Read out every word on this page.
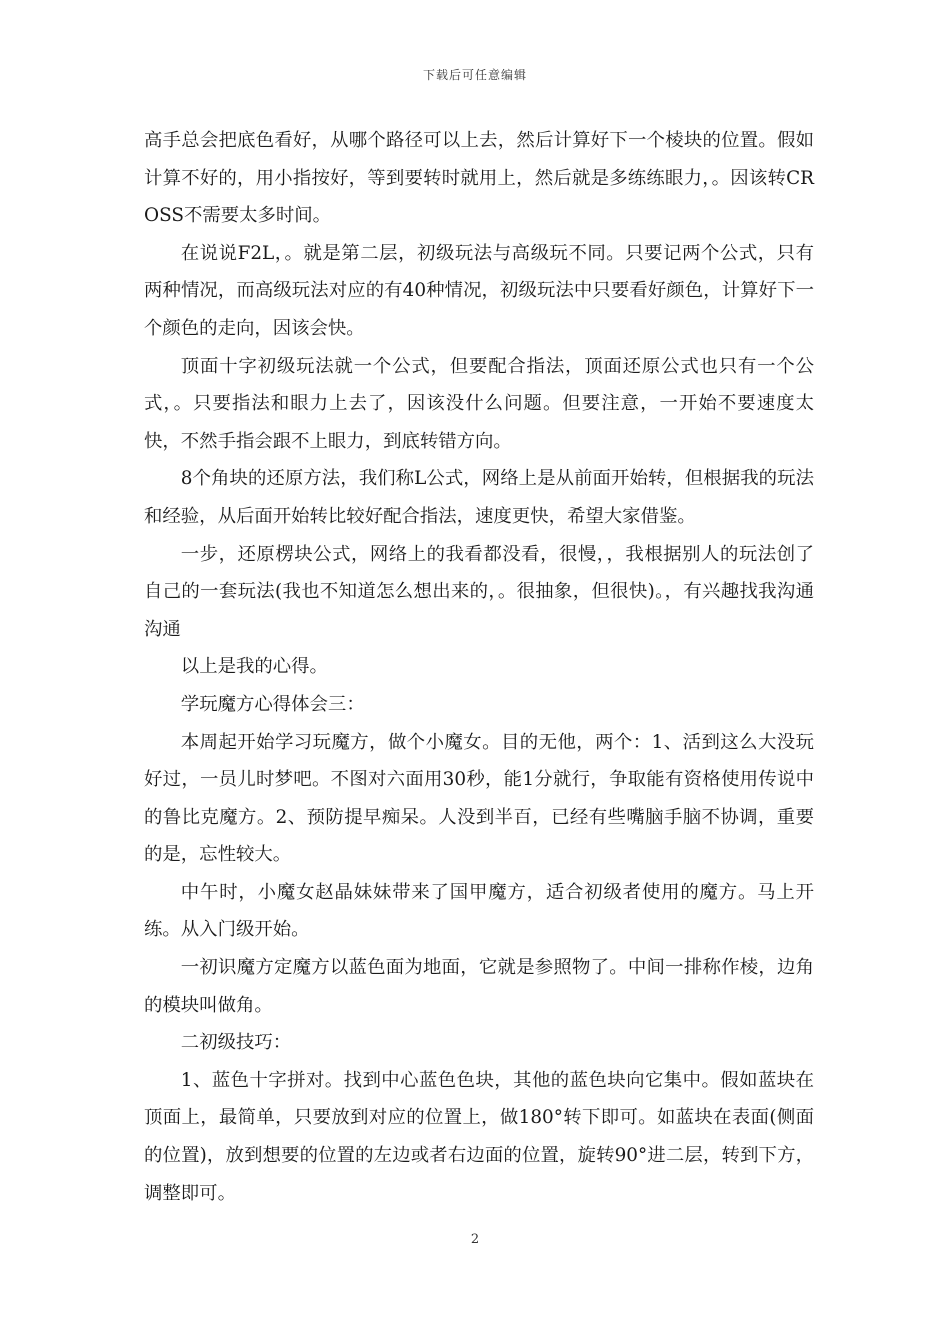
下载后可任意编辑

高手总会把底色看好，从哪个路径可以上去，然后计算好下一个棱块的位置。假如计算不好的，用小指按好，等到要转时就用上，然后就是多练练眼力，。因该转CROSS不需要太多时间。

在说说F2L，。就是第二层，初级玩法与高级玩不同。只要记两个公式，只有两种情况，而高级玩法对应的有40种情况，初级玩法中只要看好颜色，计算好下一个颜色的走向，因该会快。

顶面十字初级玩法就一个公式，但要配合指法，顶面还原公式也只有一个公式，。只要指法和眼力上去了，因该没什么问题。但要注意，一开始不要速度太快，不然手指会跟不上眼力，到底转错方向。

8个角块的还原方法，我们称L公式，网络上是从前面开始转，但根据我的玩法和经验，从后面开始转比较好配合指法，速度更快，希望大家借鉴。

一步，还原楞块公式，网络上的我看都没看，很慢，，我根据别人的玩法创了自己的一套玩法(我也不知道怎么想出来的，。很抽象，但很快)。，有兴趣找我沟通沟通

以上是我的心得。

学玩魔方心得体会三：

本周起开始学习玩魔方，做个小魔女。目的无他，两个：1、活到这么大没玩好过，一员儿时梦吧。不图对六面用30秒，能1分就行，争取能有资格使用传说中的鲁比克魔方。2、预防提早痴呆。人没到半百，已经有些嘴脑手脑不协调，重要的是，忘性较大。

中午时，小魔女赵晶妹妹带来了国甲魔方，适合初级者使用的魔方。马上开练。从入门级开始。

一初识魔方定魔方以蓝色面为地面，它就是参照物了。中间一排称作棱，边角的模块叫做角。

二初级技巧：

1、蓝色十字拼对。找到中心蓝色色块，其他的蓝色块向它集中。假如蓝块在顶面上，最简单，只要放到对应的位置上，做180°转下即可。如蓝块在表面(侧面的位置)，放到想要的位置的左边或者右边面的位置，旋转90°进二层，转到下方，调整即可。

2
